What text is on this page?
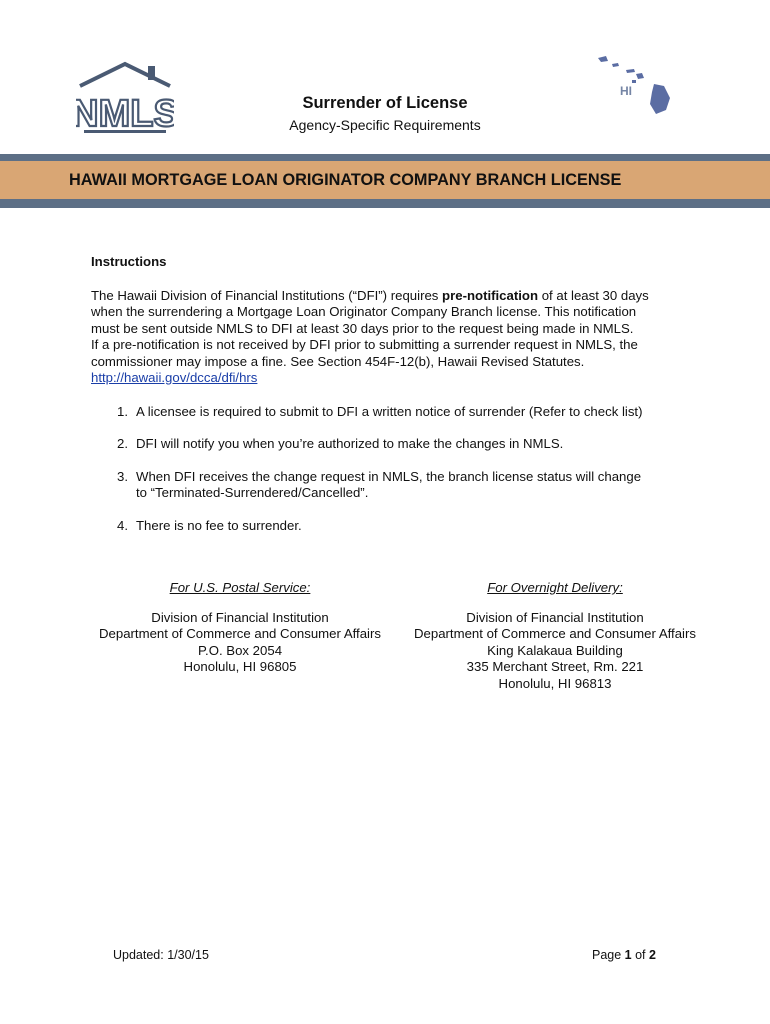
NMLS
HI
Surrender of License
Agency-Specific Requirements
HAWAII MORTGAGE LOAN ORIGINATOR COMPANY BRANCH LICENSE
Instructions
The Hawaii Division of Financial Institutions (“DFI”) requires pre-notification of at least 30 days
when the surrendering a Mortgage Loan Originator Company Branch license. This notification
must be sent outside NMLS to DFI at least 30 days prior to the request being made in NMLS.
If a pre-notification is not received by DFI prior to submitting a surrender request in NMLS, the
commissioner may impose a fine. See Section 454F-12(b), Hawaii Revised Statutes.
http://hawaii.gov/dcca/dfi/hrs
1. A licensee is required to submit to DFI a written notice of surrender (Refer to check list)
2. DFI will notify you when you’re authorized to make the changes in NMLS.
3. When DFI receives the change request in NMLS, the branch license status will change
to “Terminated-Surrendered/Cancelled”.
4. There is no fee to surrender.
For U.S. Postal Service:
Division of Financial Institution
Department of Commerce and Consumer Affairs
P.O. Box 2054
Honolulu, HI 96805
For Overnight Delivery:
Division of Financial Institution
Department of Commerce and Consumer Affairs
King Kalakaua Building
335 Merchant Street, Rm. 221
Honolulu, HI 96813
Updated: 1/30/15	Page 1 of 2
